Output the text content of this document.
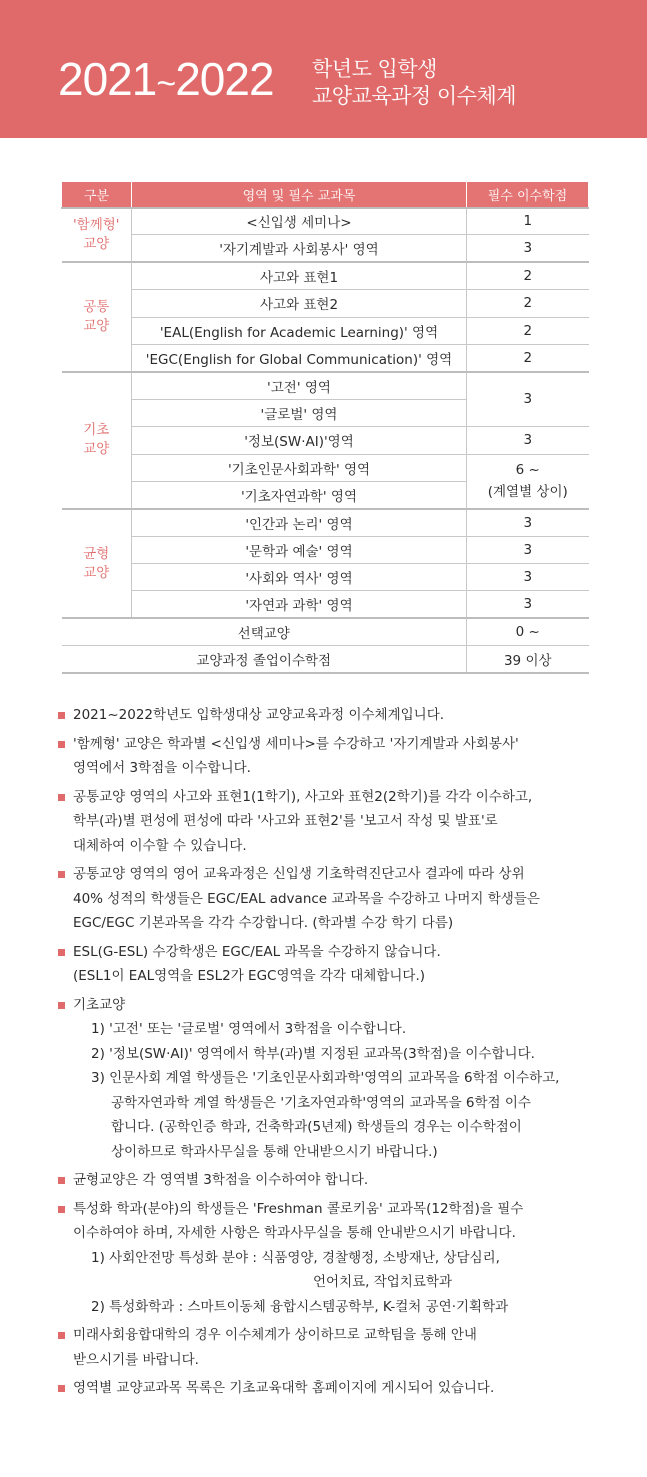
2021~2022 학년도 입학생
교양교육과정 이수체계
구분	영역 및 필수 교과목	필수 이수학점

'함께형'
교양	<신입생 세미나>	1
	'자기계발과 사회봉사' 영역	3

공통
교양	사고와 표현1	2
	사고와 표현2	2
	'EAL(English for Academic Learning)' 영역	2
	'EGC(English for Global Communication)' 영역	2

기초
교양	'고전' 영역	3
	'글로벌' 영역	
	'정보(SW·AI)'영역	3
	'기초인문사회과학' 영역	6 ~
(계열별 상이)

	'기초자연과학' 영역	

균형
교양	'인간과 논리' 영역	3
	'문학과 예술' 영역	3
	'사회와 역사' 영역	3
	'자연과 과학' 영역	3
선택교양		0 ~
교양과정 졸업이수학점		39 이상
2021~2022학년도 입학생대상 교양교육과정 이수체계입니다.
'함께형' 교양은 학과별 <신입생 세미나>를 수강하고 '자기계발과 사회봉사'
영역에서 3학점을 이수합니다.
공통교양 영역의 사고와 표현1(1학기), 사고와 표현2(2학기)를 각각 이수하고,
학부(과)별 편성에 편성에 따라 '사고와 표현2'를 '보고서 작성 및 발표'로
대체하여 이수할 수 있습니다.
공통교양 영역의 영어 교육과정은 신입생 기초학력진단고사 결과에 따라 상위
40% 성적의 학생들은 EGC/EAL advance 교과목을 수강하고 나머지 학생들은
EGC/EGC 기본과목을 각각 수강합니다. (학과별 수강 학기 다름)
ESL(G-ESL) 수강학생은 EGC/EAL 과목을 수강하지 않습니다.
(ESL1이 EAL영역을 ESL2가 EGC영역을 각각 대체합니다.)
기초교양
1) '고전' 또는 '글로벌' 영역에서 3학점을 이수합니다.
2) '정보(SW·AI)' 영역에서 학부(과)별 지정된 교과목(3학점)을 이수합니다.
3) 인문사회 계열 학생들은 '기초인문사회과학'영역의 교과목을 6학점 이수하고,
공학자연과학 계열 학생들은 '기초자연과학'영역의 교과목을 6학점 이수
합니다. (공학인증 학과, 건축학과(5년제) 학생들의 경우는 이수학점이
상이하므로 학과사무실을 통해 안내받으시기 바랍니다.)
균형교양은 각 영역별 3학점을 이수하여야 합니다.
특성화 학과(분야)의 학생들은 'Freshman 콜로키움' 교과목(12학점)을 필수
이수하여야 하며, 자세한 사항은 학과사무실을 통해 안내받으시기 바랍니다.
1) 사회안전망 특성화 분야 : 식품영양, 경찰행정, 소방재난, 상담심리,
언어치료, 작업치료학과
2) 특성화학과 : 스마트이동체 융합시스템공학부, K-컬처 공연·기획학과
미래사회융합대학의 경우 이수체계가 상이하므로 교학팀을 통해 안내
받으시기를 바랍니다.
영역별 교양교과목 목록은 기초교육대학 홈페이지에 게시되어 있습니다.
